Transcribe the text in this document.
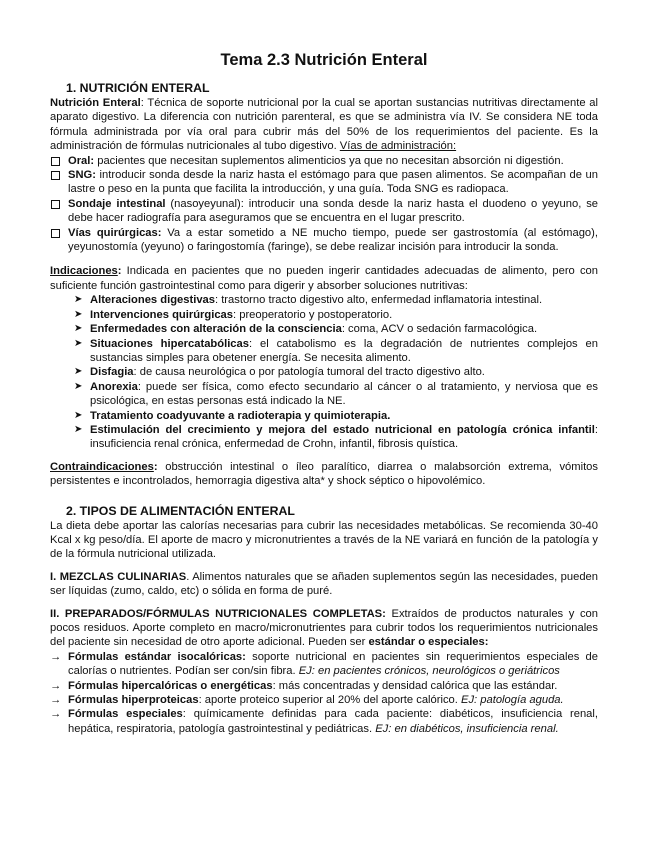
Tema 2.3 Nutrición Enteral
1. NUTRICIÓN ENTERAL

Nutrición Enteral: Técnica de soporte nutricional por la cual se aportan sustancias nutritivas directamente al aparato digestivo. La diferencia con nutrición parenteral, es que se administra vía IV. Se considera NE toda fórmula administrada por vía oral para cubrir más del 50% de los requerimientos del paciente. Es la administración de fórmulas nutricionales al tubo digestivo. Vías de administración:

Oral: pacientes que necesitan suplementos alimenticios ya que no necesitan absorción ni digestión.
SNG: introducir sonda desde la nariz hasta el estómago para que pasen alimentos. Se acompañan de un lastre o peso en la punta que facilita la introducción, y una guía. Toda SNG es radiopaca.
Sondaje intestinal (nasoyeyunal): introducir una sonda desde la nariz hasta el duodeno o yeyuno, se debe hacer radiografía para aseguramos que se encuentra en el lugar prescrito.
Vías quirúrgicas: Va a estar sometido a NE mucho tiempo, puede ser gastrostomía (al estómago), yeyunostomía (yeyuno) o faringostomía (faringe), se debe realizar incisión para introducir la sonda.

Indicaciones: Indicada en pacientes que no pueden ingerir cantidades adecuadas de alimento, pero con suficiente función gastrointestinal como para digerir y absorber soluciones nutritivas:

➤ Alteraciones digestivas: trastorno tracto digestivo alto, enfermedad inflamatoria intestinal.
➤ Intervenciones quirúrgicas: preoperatorio y postoperatorio.
➤ Enfermedades con alteración de la consciencia: coma, ACV o sedación farmacológica.
➤ Situaciones hipercatabólicas: el catabolismo es la degradación de nutrientes complejos en sustancias simples para obetener energía. Se necesita alimento.
➤ Disfagia: de causa neurológica o por patología tumoral del tracto digestivo alto.
➤ Anorexia: puede ser física, como efecto secundario al cáncer o al tratamiento, y nerviosa que es psicológica, en estas personas está indicado la NE.
➤ Tratamiento coadyuvante a radioterapia y quimioterapia.
➤ Estimulación del crecimiento y mejora del estado nutricional en patología crónica infantil: insuficiencia renal crónica, enfermedad de Crohn, infantil, fibrosis quística.

Contraindicaciones: obstrucción intestinal o íleo paralítico, diarrea o malabsorción extrema, vómitos persistentes e incontrolados, hemorragia digestiva alta* y shock séptico o hipovolémico.

2. TIPOS DE ALIMENTACIÓN ENTERAL

La dieta debe aportar las calorías necesarias para cubrir las necesidades metabólicas. Se recomienda 30-40 Kcal x kg peso/día. El aporte de macro y micronutrientes a través de la NE variará en función de la patología y de la fórmula nutricional utilizada.

I. MEZCLAS CULINARIAS. Alimentos naturales que se añaden suplementos según las necesidades, pueden ser líquidas (zumo, caldo, etc) o sólida en forma de puré.

II. PREPARADOS/FÓRMULAS NUTRICIONALES COMPLETAS: Extraídos de productos naturales y con pocos residuos. Aporte completo en macro/micronutrientes para cubrir todos los requerimientos nutricionales del paciente sin necesidad de otro aporte adicional. Pueden ser estándar o especiales:

→ Fórmulas estándar isocalóricas: soporte nutricional en pacientes sin requerimientos especiales de calorías o nutrientes. Podían ser con/sin fibra. EJ: en pacientes crónicos, neurológicos o geriátricos
→ Fórmulas hipercalóricas o energéticas: más concentradas y densidad calórica que las estándar.
→ Fórmulas hiperproteicas: aporte proteico superior al 20% del aporte calórico. EJ: patología aguda.
→ Fórmulas especiales: químicamente definidas para cada paciente: diabéticos, insuficiencia renal, hepática, respiratoria, patología gastrointestinal y pediátricas. EJ: en diabéticos, insuficiencia renal.
